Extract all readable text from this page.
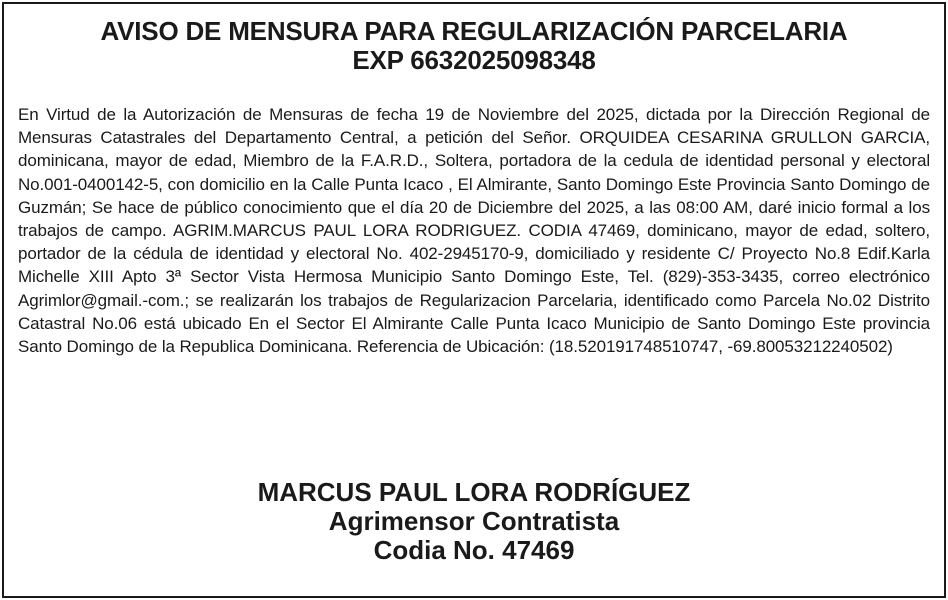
AVISO DE MENSURA PARA REGULARIZACIÓN PARCELARIA
EXP 6632025098348

En Virtud de la Autorización de Mensuras de fecha 19 de Noviembre del 2025, dictada por la Dirección Regional de Mensuras Catastrales del Departamento Central, a petición del Señor. ORQUIDEA CESARINA GRULLON GARCIA, dominicana, mayor de edad, Miembro de la F.A.R.D., Soltera, portadora de la cedula de identidad personal y electoral No.001-0400142-5, con domicilio en la Calle Punta Icaco , El Almirante, Santo Domingo Este Provincia Santo Domingo de Guzmán; Se hace de público conocimiento que el día 20 de Diciembre del 2025, a las 08:00 AM, daré inicio formal a los trabajos de campo. AGRIM.MARCUS PAUL LORA RODRIGUEZ. CODIA 47469, dominicano, mayor de edad, soltero, portador de la cédula de identidad y electoral No. 402-2945170-9, domiciliado y residente C/ Proyecto No.8 Edif.Karla Michelle XIII Apto 3ª Sector Vista Hermosa Municipio Santo Domingo Este, Tel. (829)-353-3435, correo electrónico Agrimlor@gmail.-com.; se realizarán los trabajos de Regularizacion Parcelaria, identificado como Parcela No.02 Distrito Catastral No.06 está ubicado En el Sector El Almirante Calle Punta Icaco Municipio de Santo Domingo Este provincia Santo Domingo de la Republica Dominicana. Referencia de Ubicación: (18.520191748510747, -69.80053212240502)

MARCUS PAUL LORA RODRÍGUEZ
Agrimensor Contratista
Codia No. 47469
